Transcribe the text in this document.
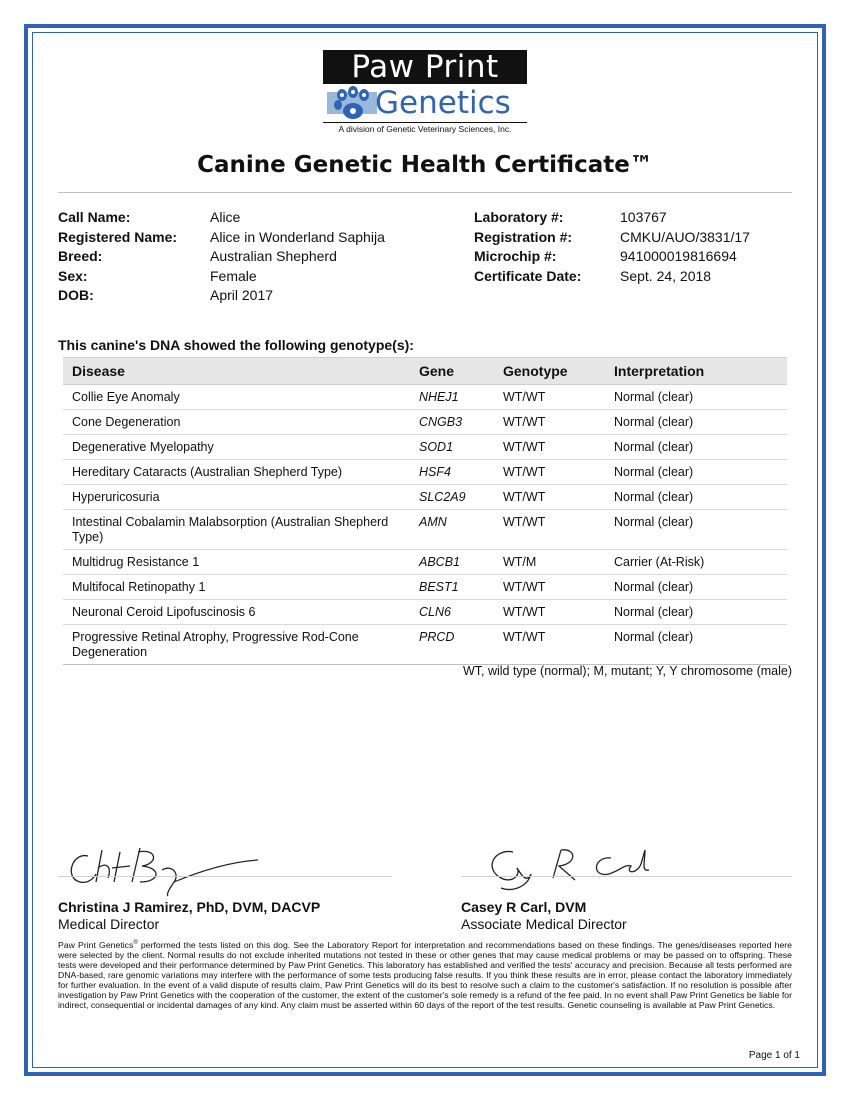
Paw Print
Genetics
A division of Genetic Veterinary Sciences, Inc.
Canine Genetic Health Certificate™
Call Name:	Alice
Registered Name: Alice in Wonderland Saphija
Breed:	Australian Shepherd
Sex:	Female
DOB:	April 2017
Laboratory #:	103767
Registration #:	CMKU/AUO/3831/17
Microchip #:	941000019816694
Certificate Date:	Sept. 24, 2018
This canine's DNA showed the following genotype(s):
Disease	Gene	Genotype	Interpretation
Collie Eye Anomaly	NHEJ1	WT/WT	Normal (clear)
Cone Degeneration	CNGB3	WT/WT	Normal (clear)
Degenerative Myelopathy	SOD1	WT/WT	Normal (clear)
Hereditary Cataracts (Australian Shepherd Type)	HSF4	WT/WT	Normal (clear)
Hyperuricosuria	SLC2A9	WT/WT	Normal (clear)
Intestinal Cobalamin Malabsorption (Australian Shepherd Type)	AMN	WT/WT	Normal (clear)
Multidrug Resistance 1	ABCB1	WT/M	Carrier (At-Risk)
Multifocal Retinopathy 1	BEST1	WT/WT	Normal (clear)
Neuronal Ceroid Lipofuscinosis 6	CLN6	WT/WT	Normal (clear)
Progressive Retinal Atrophy, Progressive Rod-Cone Degeneration	PRCD	WT/WT	Normal (clear)
WT, wild type (normal); M, mutant; Y, Y chromosome (male)
Christina J Ramirez, PhD, DVM, DACVP
Medical Director
Casey R Carl, DVM
Associate Medical Director
Paw Print Genetics® performed the tests listed on this dog. See the Laboratory Report for interpretation and recommendations based on these findings. The genes/diseases reported here were selected by the client. Normal results do not exclude inherited mutations not tested in these or other genes that may cause medical problems or may be passed on to offspring. These tests were developed and their performance determined by Paw Print Genetics. This laboratory has established and verified the tests' accuracy and precision. Because all tests performed are DNA-based, rare genomic variations may interfere with the performance of some tests producing false results. If you think these results are in error, please contact the laboratory immediately for further evaluation. In the event of a valid dispute of results claim, Paw Print Genetics will do its best to resolve such a claim to the customer's satisfaction. If no resolution is possible after investigation by Paw Print Genetics with the cooperation of the customer, the extent of the customer's sole remedy is a refund of the fee paid. In no event shall Paw Print Genetics be liable for indirect, consequential or incidental damages of any kind. Any claim must be asserted within 60 days of the report of the test results. Genetic counseling is available at Paw Print Genetics.
Page 1 of 1
